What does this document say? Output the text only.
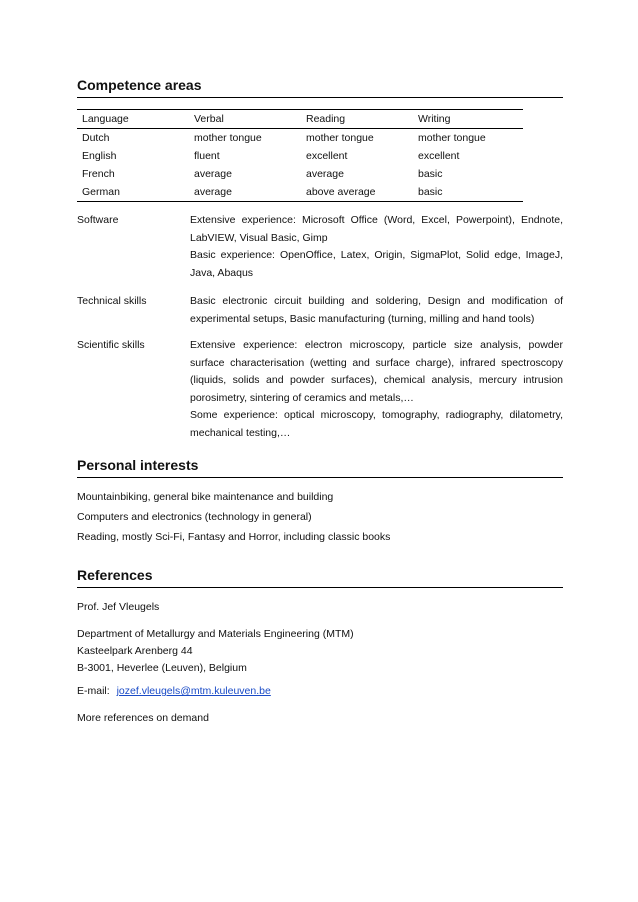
Competence areas
Language	Verbal	Reading	Writing
Dutch	mother tongue	mother tongue	mother tongue
English	fluent	excellent	excellent
French	average	average	basic
German	average	above average	basic
Software	Extensive experience: Microsoft Office (Word, Excel, Powerpoint), Endnote, LabVIEW, Visual Basic, Gimp
Basic experience: OpenOffice, Latex, Origin, SigmaPlot, Solid edge, ImageJ, Java, Abaqus
Technical skills	Basic electronic circuit building and soldering, Design and modification of experimental setups, Basic manufacturing (turning, milling and hand tools)
Scientific skills	Extensive experience: electron microscopy, particle size analysis, powder surface characterisation (wetting and surface charge), infrared spectroscopy (liquids, solids and powder surfaces), chemical analysis, mercury intrusion porosimetry, sintering of ceramics and metals,…
Some experience: optical microscopy, tomography, radiography, dilatometry, mechanical testing,…
Personal interests
Mountainbiking, general bike maintenance and building
Computers and electronics (technology in general)
Reading, mostly Sci-Fi, Fantasy and Horror, including classic books
References
Prof. Jef Vleugels
Department of Metallurgy and Materials Engineering (MTM)
Kasteelpark Arenberg 44
B-3001, Heverlee (Leuven), Belgium
E-mail: jozef.vleugels@mtm.kuleuven.be
More references on demand
